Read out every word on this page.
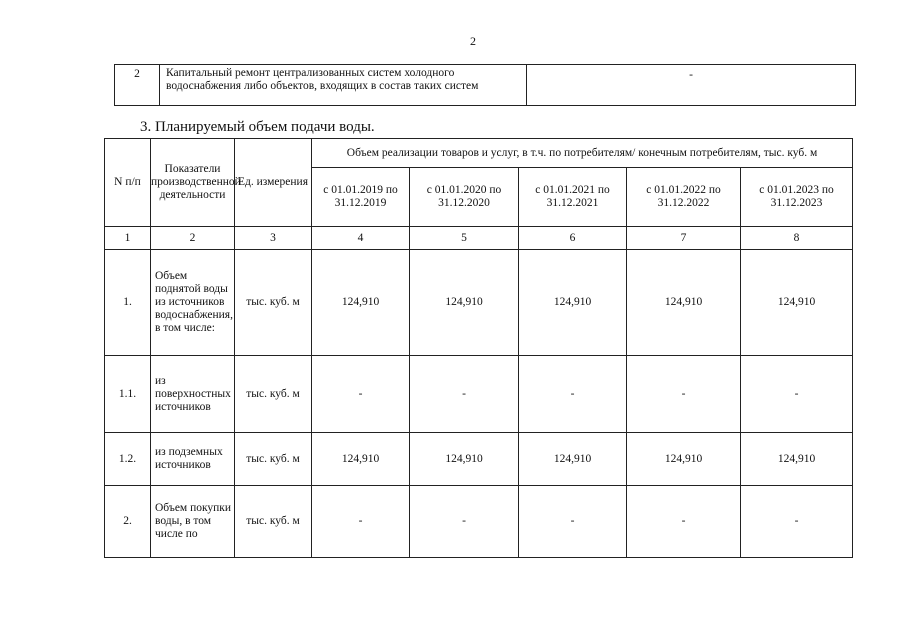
2
2	Капитальный ремонт централизованных систем холодного
водоснабжения либо объектов, входящих в состав таких систем
	-
3. Планируемый объем подачи воды.
N п/п	Показатели производственной деятельности	Ед. измерения	Объем реализации товаров и услуг, в т.ч. по потребителям/ конечным потребителям, тыс. куб. м				
			с 01.01.2019 по 31.12.2019	с 01.01.2020 по 31.12.2020	с 01.01.2021 по 31.12.2021	с 01.01.2022 по 31.12.2022	с 01.01.2023 по 31.12.2023
1	2	3	4	5	6	7	8
1.	Объем поднятой воды из источников водоснабжения, в том числе:	тыс. куб. м	124,910	124,910	124,910	124,910	124,910
1.1.	из поверхностных источников	тыс. куб. м	-	-	-	-	-
1.2.	из подземных источников	тыс. куб. м	124,910	124,910	124,910	124,910	124,910
2.	Объем покупки воды, в том числе по	тыс. куб. м	-	-	-	-	-
